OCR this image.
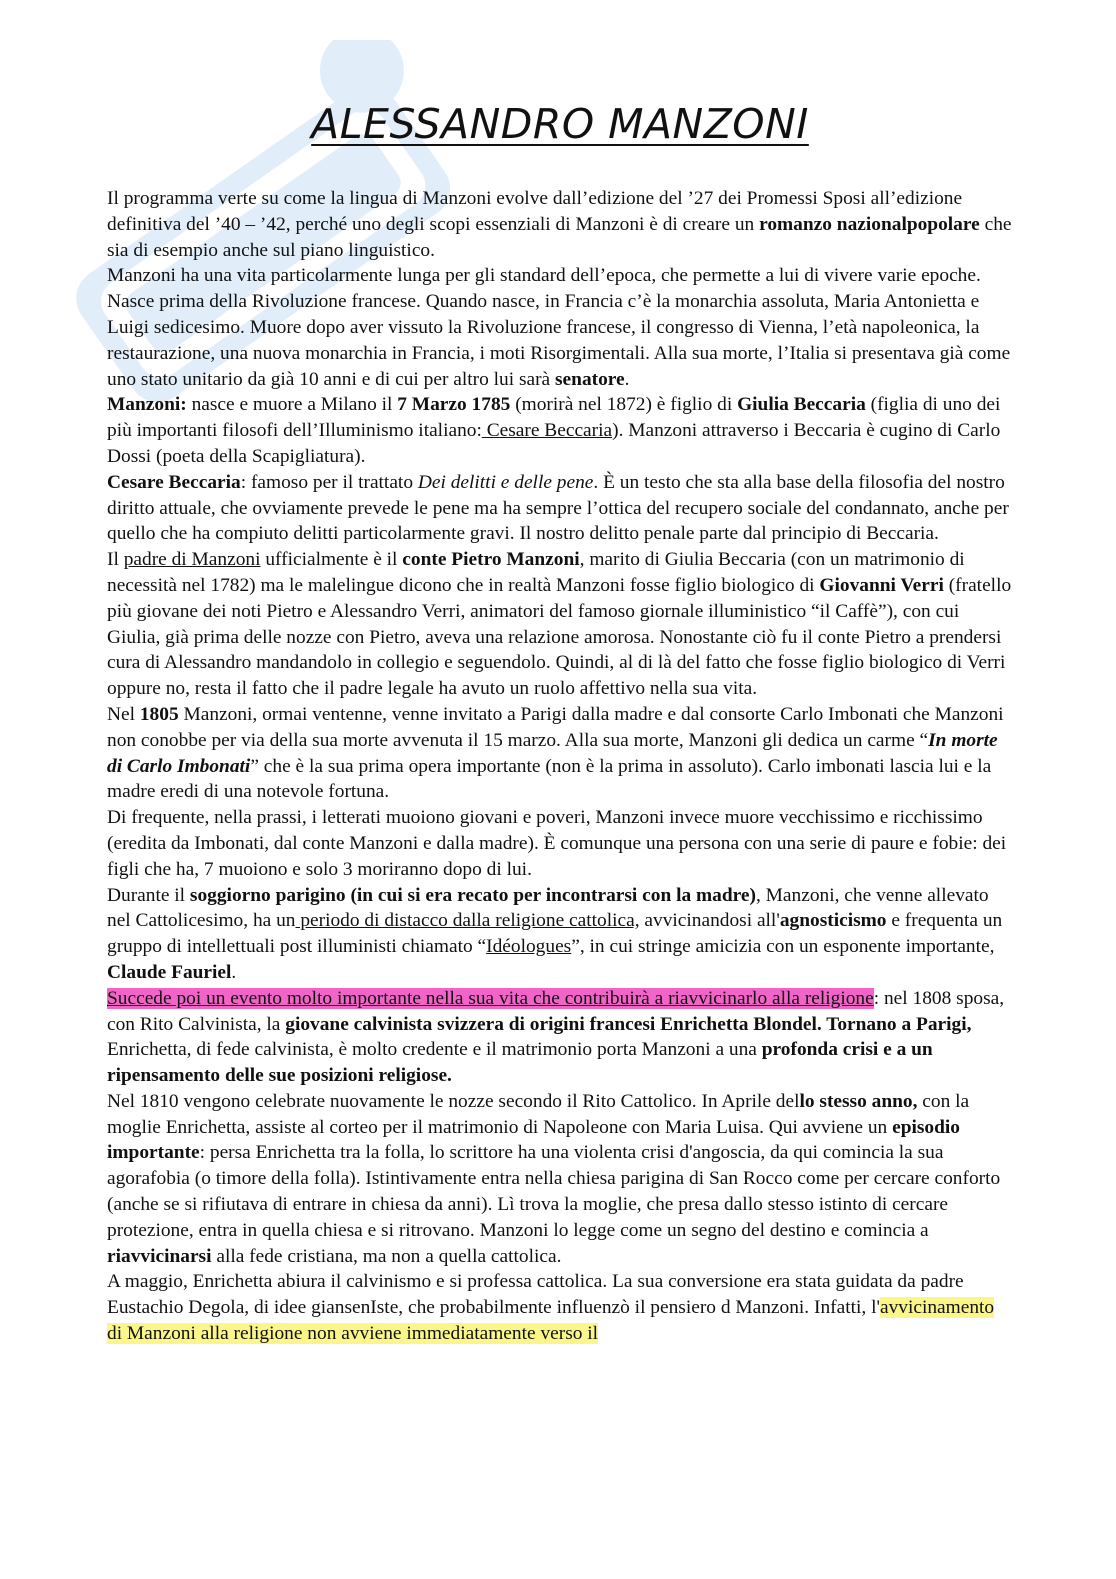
ALESSANDRO MANZONI

Il programma verte su come la lingua di Manzoni evolve dall’edizione del ’27 dei Promessi Sposi all’edizione definitiva del ’40 – ’42, perché uno degli scopi essenziali di Manzoni è di creare un romanzo nazionalpopolare che sia di esempio anche sul piano linguistico.

Manzoni ha una vita particolarmente lunga per gli standard dell’epoca, che permette a lui di vivere varie epoche. Nasce prima della Rivoluzione francese. Quando nasce, in Francia c’è la monarchia assoluta, Maria Antonietta e Luigi sedicesimo. Muore dopo aver vissuto la Rivoluzione francese, il congresso di Vienna, l’età napoleonica, la restaurazione, una nuova monarchia in Francia, i moti Risorgimentali. Alla sua morte, l’Italia si presentava già come uno stato unitario da già 10 anni e di cui per altro lui sarà senatore.

Manzoni: nasce e muore a Milano il 7 Marzo 1785 (morirà nel 1872) è figlio di Giulia Beccaria (figlia di uno dei più importanti filosofi dell’Illuminismo italiano: Cesare Beccaria). Manzoni attraverso i Beccaria è cugino di Carlo Dossi (poeta della Scapigliatura).

Cesare Beccaria: famoso per il trattato Dei delitti e delle pene. È un testo che sta alla base della filosofia del nostro diritto attuale, che ovviamente prevede le pene ma ha sempre l’ottica del recupero sociale del condannato, anche per quello che ha compiuto delitti particolarmente gravi. Il nostro delitto penale parte dal principio di Beccaria.

Il padre di Manzoni ufficialmente è il conte Pietro Manzoni, marito di Giulia Beccaria (con un matrimonio di necessità nel 1782) ma le malelingue dicono che in realtà Manzoni fosse figlio biologico di Giovanni Verri (fratello più giovane dei noti Pietro e Alessandro Verri, animatori del famoso giornale illuministico “il Caffè”), con cui Giulia, già prima delle nozze con Pietro, aveva una relazione amorosa. Nonostante ciò fu il conte Pietro a prendersi cura di Alessandro mandandolo in collegio e seguendolo. Quindi, al di là del fatto che fosse figlio biologico di Verri oppure no, resta il fatto che il padre legale ha avuto un ruolo affettivo nella sua vita.

Nel 1805 Manzoni, ormai ventenne, venne invitato a Parigi dalla madre e dal consorte Carlo Imbonati che Manzoni non conobbe per via della sua morte avvenuta il 15 marzo. Alla sua morte, Manzoni gli dedica un carme “In morte di Carlo Imbonati” che è la sua prima opera importante (non è la prima in assoluto). Carlo imbonati lascia lui e la madre eredi di una notevole fortuna.

Di frequente, nella prassi, i letterati muoiono giovani e poveri, Manzoni invece muore vecchissimo e ricchissimo (eredita da Imbonati, dal conte Manzoni e dalla madre). È comunque una persona con una serie di paure e fobie: dei figli che ha, 7 muoiono e solo 3 moriranno dopo di lui.

Durante il soggiorno parigino (in cui si era recato per incontrarsi con la madre), Manzoni, che venne allevato nel Cattolicesimo, ha un periodo di distacco dalla religione cattolica, avvicinandosi all'agnosticismo e frequenta un gruppo di intellettuali post illuministi chiamato “Idéologues”, in cui stringe amicizia con un esponente importante, Claude Fauriel.

Succede poi un evento molto importante nella sua vita che contribuirà a riavvicinarlo alla religione: nel 1808 sposa, con Rito Calvinista, la giovane calvinista svizzera di origini francesi Enrichetta Blondel. Tornano a Parigi, Enrichetta, di fede calvinista, è molto credente e il matrimonio porta Manzoni a una profonda crisi e a un ripensamento delle sue posizioni religiose.

Nel 1810 vengono celebrate nuovamente le nozze secondo il Rito Cattolico. In Aprile dello stesso anno, con la moglie Enrichetta, assiste al corteo per il matrimonio di Napoleone con Maria Luisa. Qui avviene un episodio importante: persa Enrichetta tra la folla, lo scrittore ha una violenta crisi d'angoscia, da qui comincia la sua agorafobia (o timore della folla). Istintivamente entra nella chiesa parigina di San Rocco come per cercare conforto (anche se si rifiutava di entrare in chiesa da anni). Lì trova la moglie, che presa dallo stesso istinto di cercare protezione, entra in quella chiesa e si ritrovano. Manzoni lo legge come un segno del destino e comincia a riavvicinarsi alla fede cristiana, ma non a quella cattolica.

A maggio, Enrichetta abiura il calvinismo e si professa cattolica. La sua conversione era stata guidata da padre Eustachio Degola, di idee giansenIste, che probabilmente influenzò il pensiero d Manzoni. Infatti, l'avvicinamento di Manzoni alla religione non avviene immediatamente verso il
